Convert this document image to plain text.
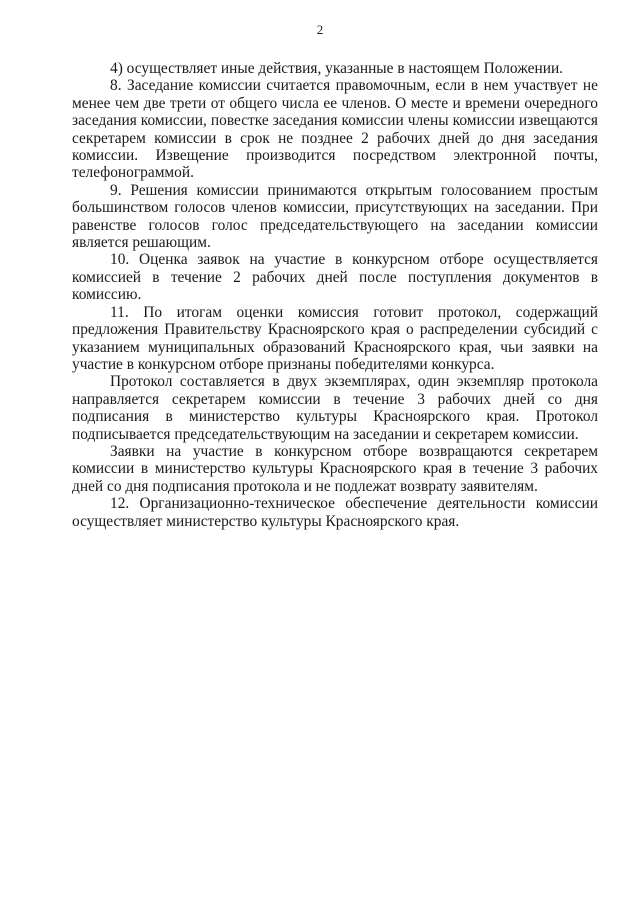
2

4) осуществляет иные действия, указанные в настоящем Положении.

8. Заседание комиссии считается правомочным, если в нем участвует не менее чем две трети от общего числа ее членов. О месте и времени очередного заседания комиссии, повестке заседания комиссии члены комиссии извещаются секретарем комиссии в срок не позднее 2 рабочих дней до дня заседания комиссии. Извещение производится посредством электронной почты, телефонограммой.

9. Решения комиссии принимаются открытым голосованием простым большинством голосов членов комиссии, присутствующих на заседании. При равенстве голосов голос председательствующего на заседании комиссии является решающим.

10. Оценка заявок на участие в конкурсном отборе осуществляется комиссией в течение 2 рабочих дней после поступления документов в комиссию.

11. По итогам оценки комиссия готовит протокол, содержащий предложения Правительству Красноярского края о распределении субсидий с указанием муниципальных образований Красноярского края, чьи заявки на участие в конкурсном отборе признаны победителями конкурса.

Протокол составляется в двух экземплярах, один экземпляр протокола направляется секретарем комиссии в течение 3 рабочих дней со дня подписания в министерство культуры Красноярского края. Протокол подписывается председательствующим на заседании и секретарем комиссии.

Заявки на участие в конкурсном отборе возвращаются секретарем комиссии в министерство культуры Красноярского края в течение 3 рабочих дней со дня подписания протокола и не подлежат возврату заявителям.

12. Организационно-техническое обеспечение деятельности комиссии осуществляет министерство культуры Красноярского края.
